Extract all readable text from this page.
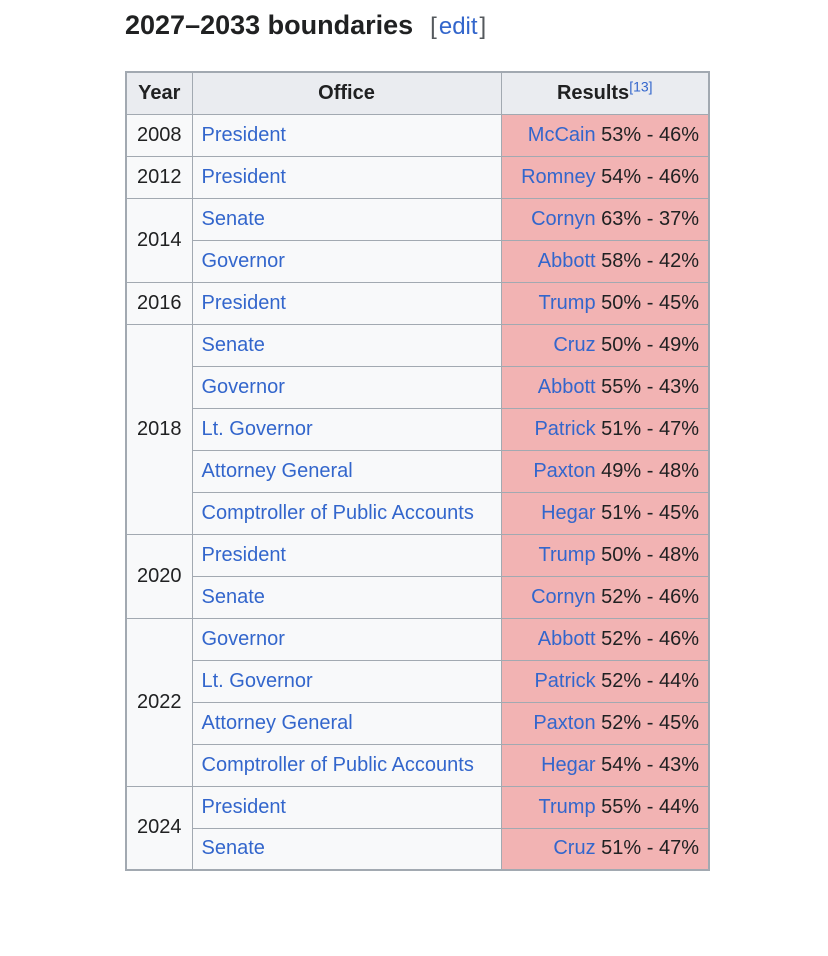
2027–2033 boundaries [edit]
Year	Office	Results[13]
2008	President	McCain 53% - 46%
2012	President	Romney 54% - 46%
2014	Senate	Cornyn 63% - 37%
	Governor	Abbott 58% - 42%
2016	President	Trump 50% - 45%
2018	Senate	Cruz 50% - 49%
	Governor	Abbott 55% - 43%
	Lt. Governor	Patrick 51% - 47%
	Attorney General	Paxton 49% - 48%
	Comptroller of Public Accounts	Hegar 51% - 45%
2020	President	Trump 50% - 48%
	Senate	Cornyn 52% - 46%
2022	Governor	Abbott 52% - 46%
	Lt. Governor	Patrick 52% - 44%
	Attorney General	Paxton 52% - 45%
	Comptroller of Public Accounts	Hegar 54% - 43%
2024	President	Trump 55% - 44%
	Senate	Cruz 51% - 47%
